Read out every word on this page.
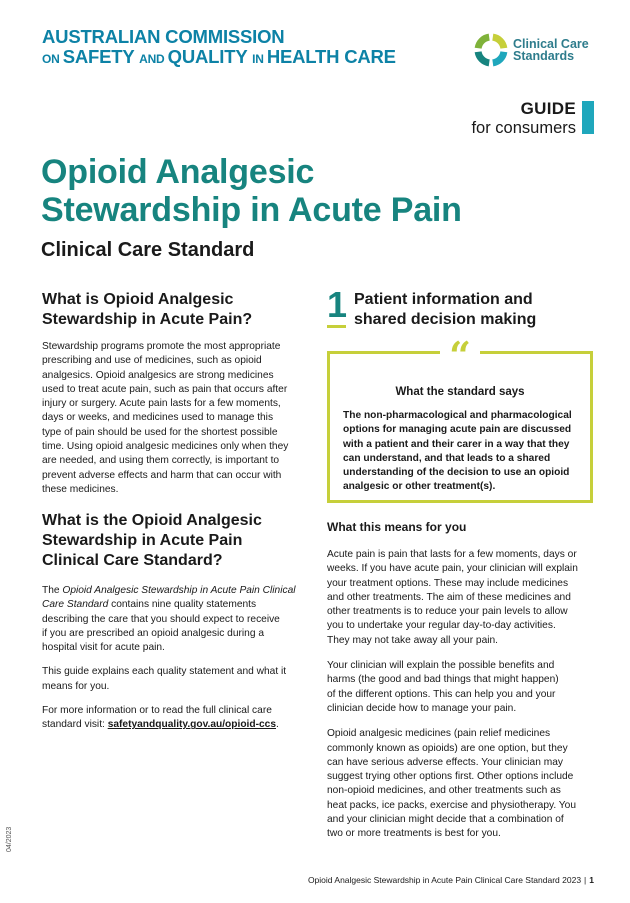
AUSTRALIAN COMMISSION
ON SAFETY AND QUALITY IN HEALTH CARE
Clinical Care
Standards
GUIDE
for consumers
Opioid Analgesic
Stewardship in Acute Pain
Clinical Care Standard
What is Opioid Analgesic
Stewardship in Acute Pain?
Stewardship programs promote the most appropriate
prescribing and use of medicines, such as opioid
analgesics. Opioid analgesics are strong medicines
used to treat acute pain, such as pain that occurs after
injury or surgery. Acute pain lasts for a few moments,
days or weeks, and medicines used to manage this
type of pain should be used for the shortest possible
time. Using opioid analgesic medicines only when they
are needed, and using them correctly, is important to
prevent adverse effects and harm that can occur with
these medicines.
What is the Opioid Analgesic
Stewardship in Acute Pain
Clinical Care Standard?
The Opioid Analgesic Stewardship in Acute Pain Clinical
Care Standard contains nine quality statements
describing the care that you should expect to receive
if you are prescribed an opioid analgesic during a
hospital visit for acute pain.
This guide explains each quality statement and what it
means for you.
For more information or to read the full clinical care
standard visit: safetyandquality.gov.au/opioid-ccs.
1 Patient information and
shared decision making
What the standard says
The non-pharmacological and pharmacological
options for managing acute pain are discussed
with a patient and their carer in a way that they
can understand, and that leads to a shared
understanding of the decision to use an opioid
analgesic or other treatment(s).
“
What this means for you
Acute pain is pain that lasts for a few moments, days or
weeks. If you have acute pain, your clinician will explain
your treatment options. These may include medicines
and other treatments. The aim of these medicines and
other treatments is to reduce your pain levels to allow
you to undertake your regular day-to-day activities.
They may not take away all your pain.
Your clinician will explain the possible benefits and
harms (the good and bad things that might happen)
of the different options. This can help you and your
clinician decide how to manage your pain.
Opioid analgesic medicines (pain relief medicines
commonly known as opioids) are one option, but they
can have serious adverse effects. Your clinician may
suggest trying other options first. Other options include
non-opioid medicines, and other treatments such as
heat packs, ice packs, exercise and physiotherapy. You
and your clinician might decide that a combination of
two or more treatments is best for you.
04/2023
Opioid Analgesic Stewardship in Acute Pain Clinical Care Standard 2023 | 1
